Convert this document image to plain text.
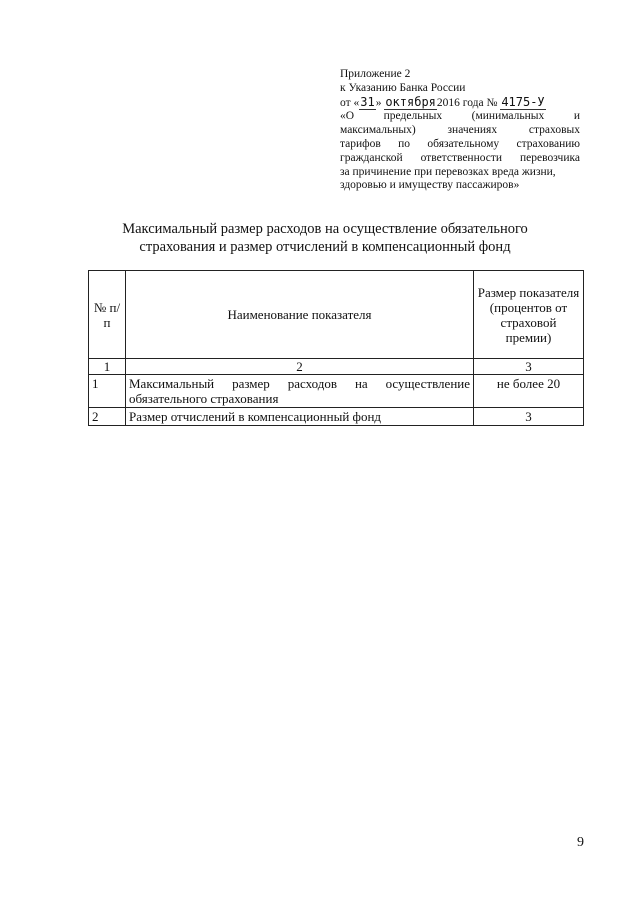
Приложение 2
к Указанию Банка России
от «31» октября2016 года № 4175-У
«О предельных (минимальных и
максимальных) значениях страховых
тарифов по обязательному страхованию
гражданской ответственности перевозчика
за причинение при перевозках вреда жизни,
здоровью и имуществу пассажиров»
Максимальный размер расходов на осуществление обязательного
страхования и размер отчислений в компенсационный фонд
№ п/п	Наименование показателя	Размер показателя (процентов от страховой премии)
1	2	3
1	Максимальный размер расходов на осуществление обязательного страхования	не более 20
2	Размер отчислений в компенсационный фонд	3
9
